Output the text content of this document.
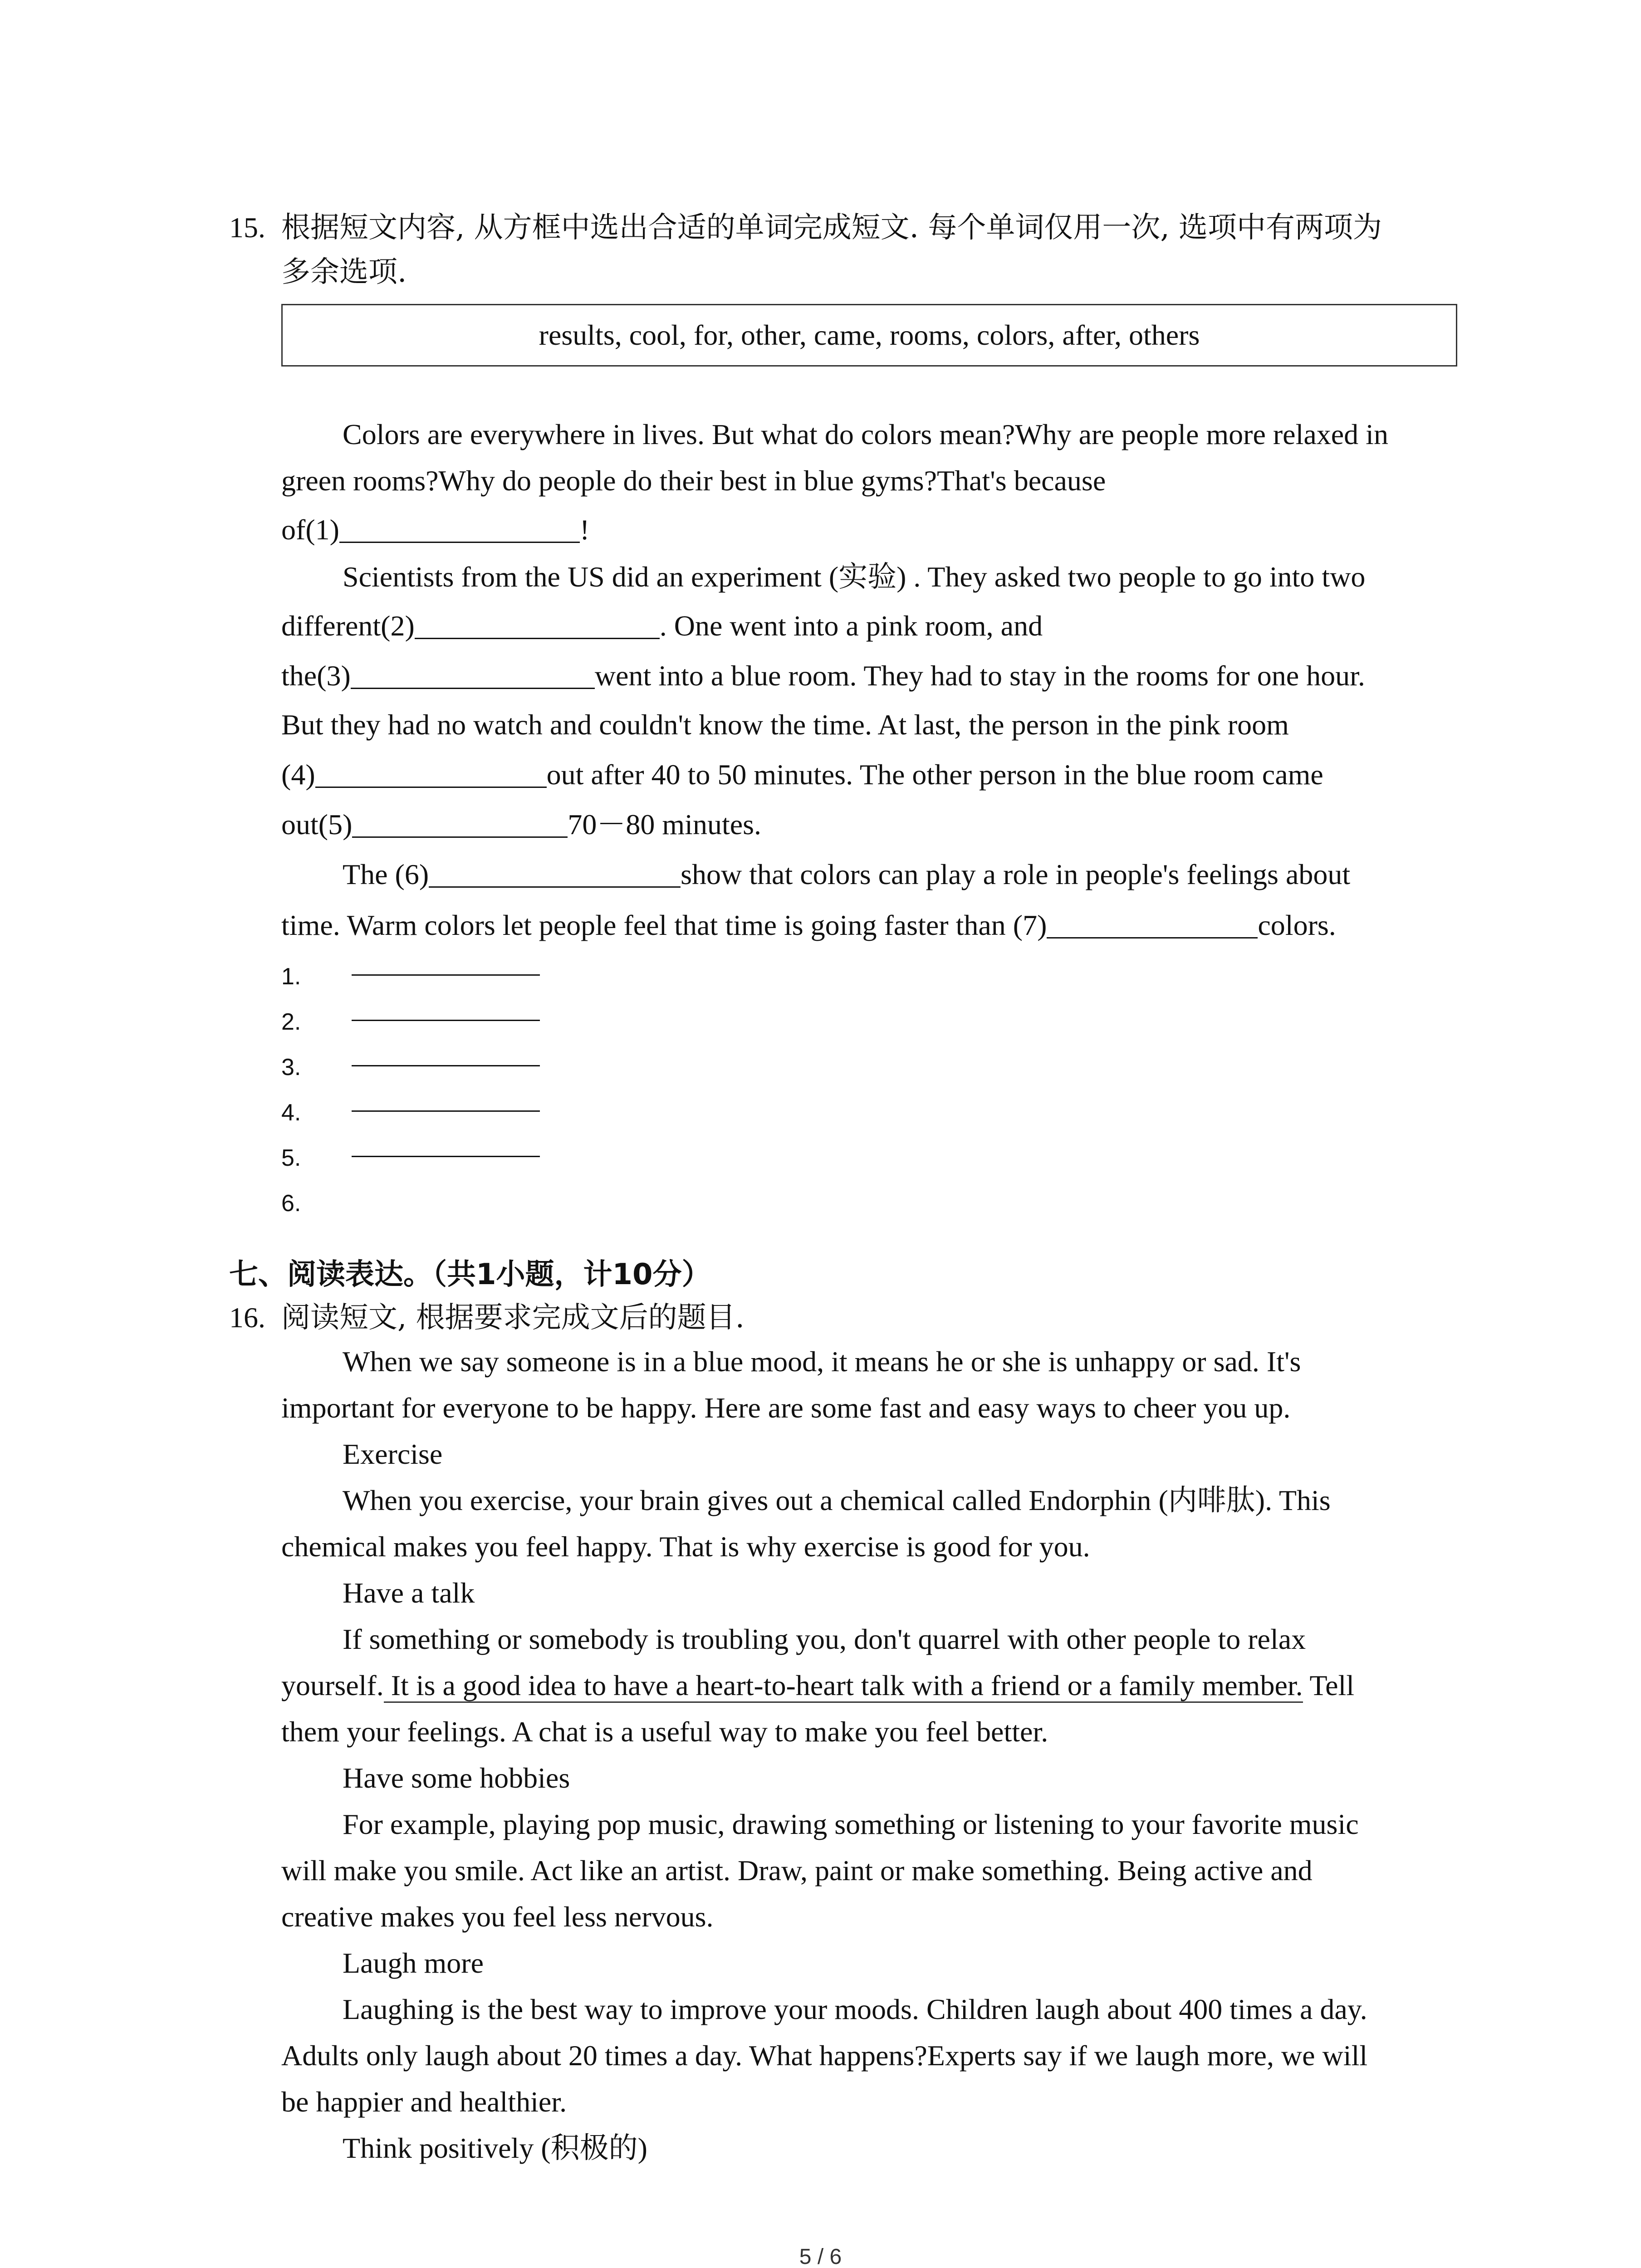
15. 根据短文内容, 从方框中选出合适的单词完成短文. 每个单词仅用一次, 选项中有两项为
多余选项.
results, cool, for, other, came, rooms, colors, after, others
Colors are everywhere in lives. But what do colors mean?Why are people more relaxed in
green rooms?Why do people do their best in blue gyms?That's because
of(1)	!
Scientists from the US did an experiment (实验) . They asked two people to go into two
different(2)	. One went into a pink room, and
the(3)	went into a blue room. They had to stay in the rooms for one hour.
But they had no watch and couldn't know the time. At last, the person in the pink room
(4)	out after 40 to 50 minutes. The other person in the blue room came
out(5)	70－80 minutes.
The (6)	show that colors can play a role in people's feelings about
time. Warm colors let people feel that time is going faster than (7)	colors.
1.
2.
3.
4.
5.
6.
七、阅读表达。（共1小题，计10分）
16. 阅读短文, 根据要求完成文后的题目.
When we say someone is in a blue mood, it means he or she is unhappy or sad. It's
important for everyone to be happy. Here are some fast and easy ways to cheer you up.
Exercise
When you exercise, your brain gives out a chemical called Endorphin (内啡肽). This
chemical makes you feel happy. That is why exercise is good for you.
Have a talk
If something or somebody is troubling you, don't quarrel with other people to relax
yourself. It is a good idea to have a heart-to-heart talk with a friend or a family member. Tell
them your feelings. A chat is a useful way to make you feel better.
Have some hobbies
For example, playing pop music, drawing something or listening to your favorite music
will make you smile. Act like an artist. Draw, paint or make something. Being active and
creative makes you feel less nervous.
Laugh more
Laughing is the best way to improve your moods. Children laugh about 400 times a day.
Adults only laugh about 20 times a day. What happens?Experts say if we laugh more, we will
be happier and healthier.
Think positively (积极的)
5 / 6
